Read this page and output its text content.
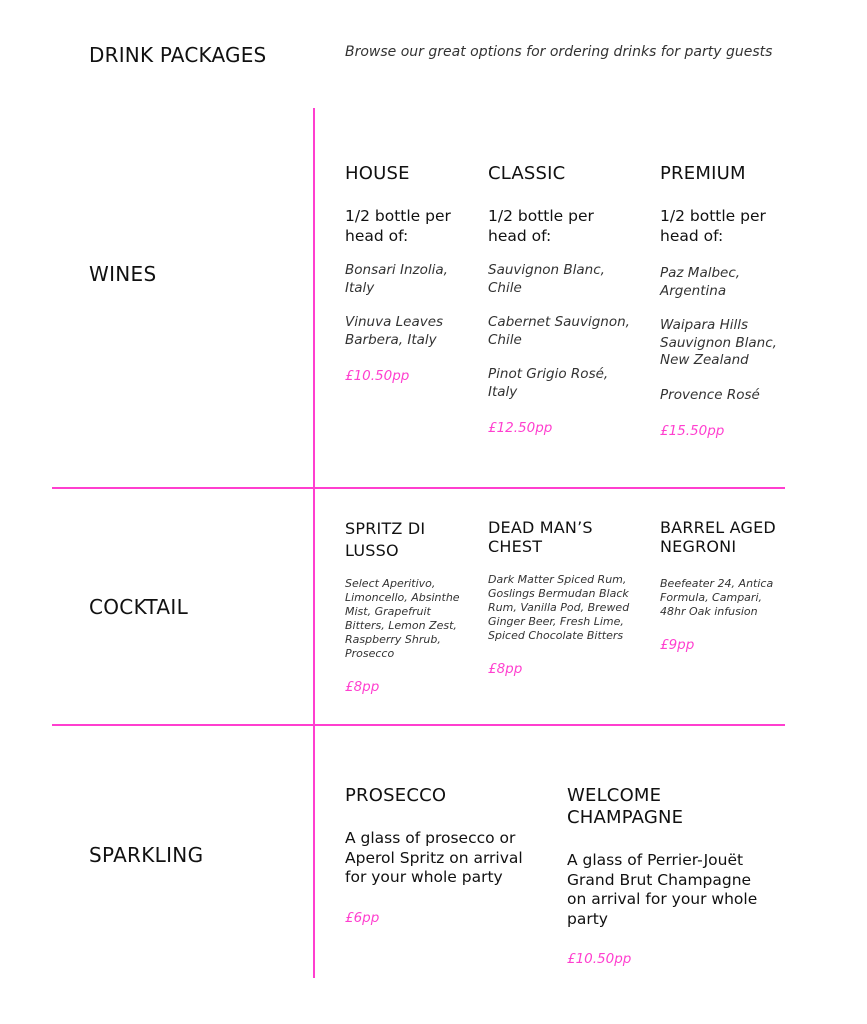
DRINK PACKAGES	Browse our great options for ordering drinks for party guests
WINES

HOUSE

1/2 bottle per head of:

Bonsari Inzolia, Italy

Vinuva Leaves Barbera, Italy

£10.50pp

CLASSIC

1/2 bottle per head of:

Sauvignon Blanc, Chile

Cabernet Sauvignon, Chile

Pinot Grigio Rosé, Italy

£12.50pp

PREMIUM

1/2 bottle per head of:

Paz Malbec, Argentina

Waipara Hills Sauvignon Blanc, New Zealand

Provence Rosé

£15.50pp

COCKTAIL

SPRITZ DI LUSSO

Select Aperitivo, Limoncello, Absinthe Mist, Grapefruit Bitters, Lemon Zest, Raspberry Shrub, Prosecco

£8pp

DEAD MAN’S CHEST

Dark Matter Spiced Rum, Goslings Bermudan Black Rum, Vanilla Pod, Brewed Ginger Beer, Fresh Lime, Spiced Chocolate Bitters

£8pp

BARREL AGED NEGRONI

Beefeater 24, Antica Formula, Campari, 48hr Oak infusion

£9pp

SPARKLING

PROSECCO

A glass of prosecco or Aperol Spritz on arrival for your whole party

£6pp

WELCOME CHAMPAGNE

A glass of Perrier-Jouët Grand Brut Champagne on arrival for your whole party

£10.50pp
